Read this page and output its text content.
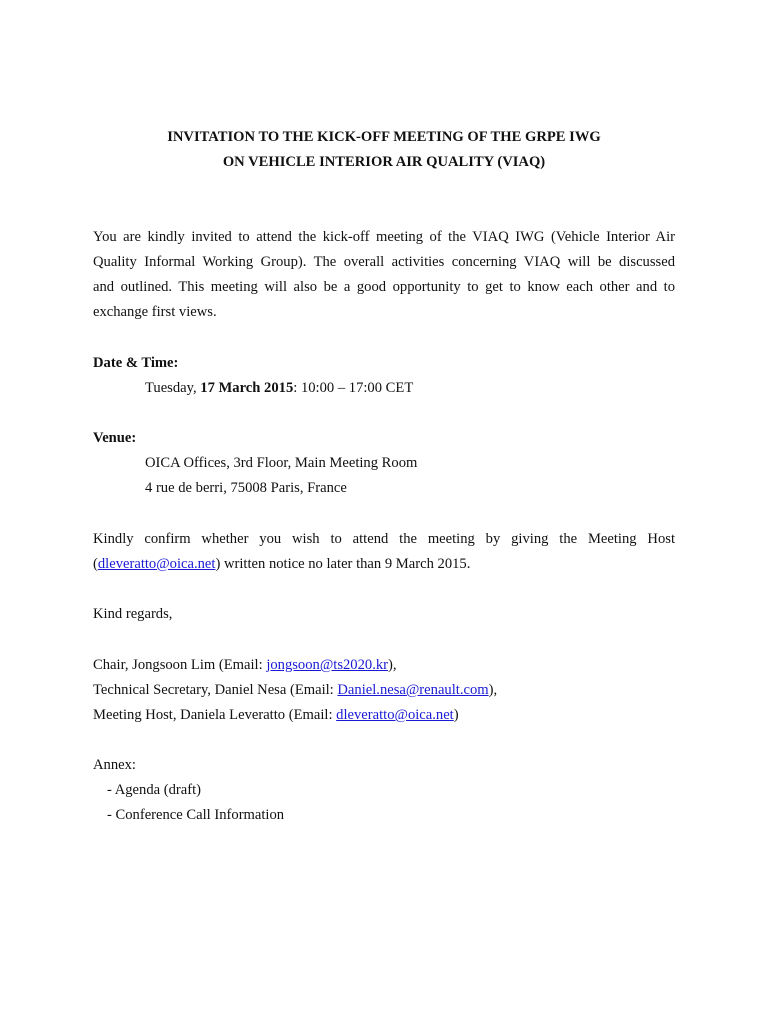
INVITATION TO THE KICK-OFF MEETING OF THE GRPE IWG

ON VEHICLE INTERIOR AIR QUALITY (VIAQ)

You are kindly invited to attend the kick-off meeting of the VIAQ IWG (Vehicle Interior Air
Quality Informal Working Group). The overall activities concerning VIAQ will be discussed
and outlined. This meeting will also be a good opportunity to get to know each other and to
exchange first views.
Date & Time:
Tuesday, 17 March 2015: 10:00 – 17:00 CET
Venue:
OICA Offices, 3rd Floor, Main Meeting Room
4 rue de berri, 75008 Paris, France
Kindly confirm whether you wish to attend the meeting by giving the Meeting Host
(dleveratto@oica.net) written notice no later than 9 March 2015.
Kind regards,
Chair, Jongsoon Lim (Email: jongsoon@ts2020.kr),
Technical Secretary, Daniel Nesa (Email: Daniel.nesa@renault.com),
Meeting Host, Daniela Leveratto (Email: dleveratto@oica.net)
Annex:
- Agenda (draft)
- Conference Call Information
